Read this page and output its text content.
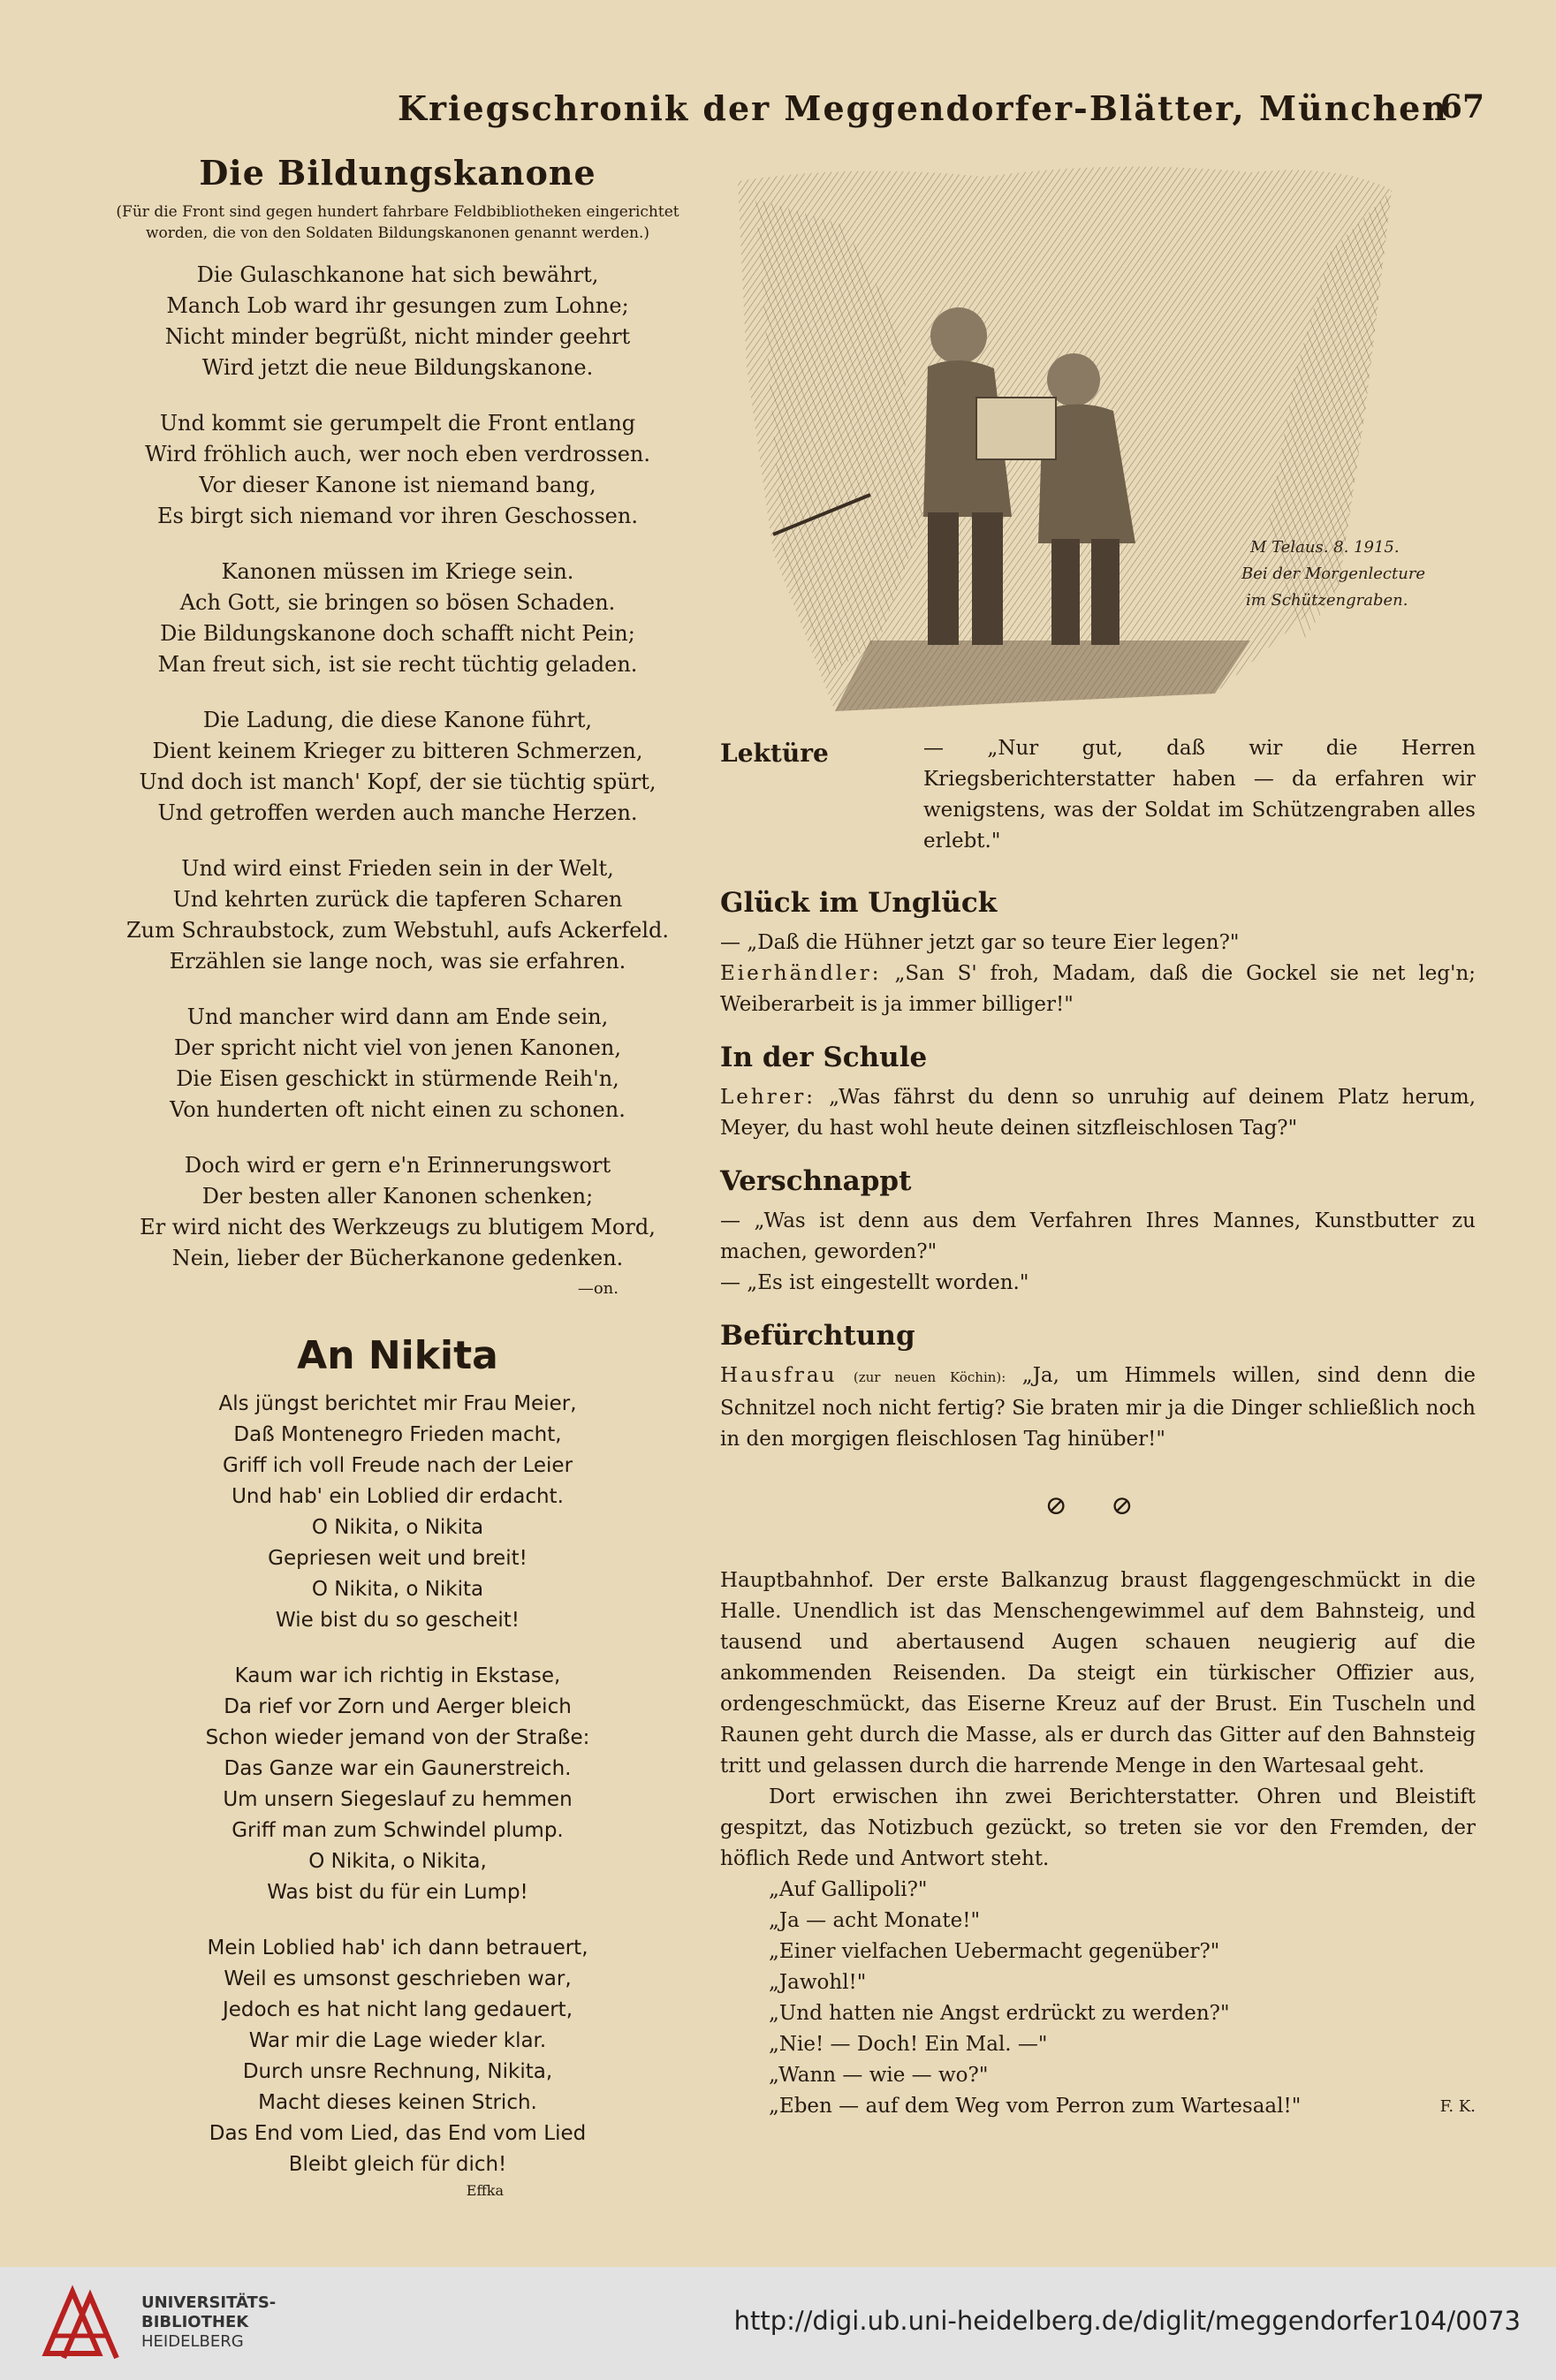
Kriegschronik der Meggendorfer-Blätter, München
67
Die Bildungskanone

(Für die Front sind gegen hundert fahrbare Feldbibliotheken eingerichtet worden, die von den Soldaten Bildungskanonen genannt werden.)

Die Gulaschkanone hat sich bewährt,
Manch Lob ward ihr gesungen zum Lohne;
Nicht minder begrüßt, nicht minder geehrt
Wird jetzt die neue Bildungskanone.
Und kommt sie gerumpelt die Front entlang
Wird fröhlich auch, wer noch eben verdrossen.
Vor dieser Kanone ist niemand bang,
Es birgt sich niemand vor ihren Geschossen.
Kanonen müssen im Kriege sein.
Ach Gott, sie bringen so bösen Schaden.
Die Bildungskanone doch schafft nicht Pein;
Man freut sich, ist sie recht tüchtig geladen.
Die Ladung, die diese Kanone führt,
Dient keinem Krieger zu bitteren Schmerzen,
Und doch ist manch' Kopf, der sie tüchtig spürt,
Und getroffen werden auch manche Herzen.
Und wird einst Frieden sein in der Welt,
Und kehrten zurück die tapferen Scharen
Zum Schraubstock, zum Webstuhl, aufs Ackerfeld.
Erzählen sie lange noch, was sie erfahren.
Und mancher wird dann am Ende sein,
Der spricht nicht viel von jenen Kanonen,
Die Eisen geschickt in stürmende Reih'n,
Von hunderten oft nicht einen zu schonen.
Doch wird er gern e'n Erinnerungswort
Der besten aller Kanonen schenken;
Er wird nicht des Werkzeugs zu blutigem Mord,
Nein, lieber der Bücherkanone gedenken.
—on.
An Nikita
Als jüngst berichtet mir Frau Meier,
Daß Montenegro Frieden macht,
Griff ich voll Freude nach der Leier
Und hab' ein Loblied dir erdacht.
O Nikita, o Nikita
Gepriesen weit und breit!
O Nikita, o Nikita
Wie bist du so gescheit!
Kaum war ich richtig in Ekstase,
Da rief vor Zorn und Aerger bleich
Schon wieder jemand von der Straße:
Das Ganze war ein Gaunerstreich.
Um unsern Siegeslauf zu hemmen
Griff man zum Schwindel plump.
O Nikita, o Nikita,
Was bist du für ein Lump!
Mein Loblied hab' ich dann betrauert,
Weil es umsonst geschrieben war,
Jedoch es hat nicht lang gedauert,
War mir die Lage wieder klar.
Durch unsre Rechnung, Nikita,
Macht dieses keinen Strich.
Das End vom Lied, das End vom Lied
Bleibt gleich für dich!
Effka
M Telaus. 8. 1915.
Bei der Morgenlecture
im Schützengraben.
Lektüre	— „Nur gut, daß wir die Herren Kriegsberichterstatter haben — da erfahren wir wenigstens, was der Soldat im Schützengraben alles erlebt."
Glück im Unglück

— „Daß die Hühner jetzt gar so teure Eier legen?"

Eierhändler: „San S' froh, Madam, daß die Gockel sie net leg'n; Weiberarbeit is ja immer billiger!"

In der Schule

Lehrer: „Was fährst du denn so unruhig auf deinem Platz herum, Meyer, du hast wohl heute deinen sitzfleischlosen Tag?"

Verschnappt

— „Was ist denn aus dem Verfahren Ihres Mannes, Kunstbutter zu machen, geworden?"

— „Es ist eingestellt worden."

Befürchtung

Hausfrau (zur neuen Köchin): „Ja, um Himmels willen, sind denn die Schnitzel noch nicht fertig? Sie braten mir ja die Dinger schließlich noch in den morgigen fleischlosen Tag hinüber!"

⊘ ⊘

Hauptbahnhof. Der erste Balkanzug braust flaggengeschmückt in die Halle. Unendlich ist das Menschengewimmel auf dem Bahnsteig, und tausend und abertausend Augen schauen neugierig auf die ankommenden Reisenden. Da steigt ein türkischer Offizier aus, ordengeschmückt, das Eiserne Kreuz auf der Brust. Ein Tuscheln und Raunen geht durch die Masse, als er durch das Gitter auf den Bahnsteig tritt und gelassen durch die harrende Menge in den Wartesaal geht.

Dort erwischen ihn zwei Berichterstatter. Ohren und Bleistift gespitzt, das Notizbuch gezückt, so treten sie vor den Fremden, der höflich Rede und Antwort steht.

„Auf Gallipoli?"

„Ja — acht Monate!"

„Einer vielfachen Uebermacht gegenüber?"

„Jawohl!"

„Und hatten nie Angst erdrückt zu werden?"

„Nie! — Doch! Ein Mal. —"

„Wann — wie — wo?"

„Eben — auf dem Weg vom Perron zum Wartesaal!"	F. K.

UNIVERSITÄTS-
BIBLIOTHEK
HEIDELBERG
http://digi.ub.uni-heidelberg.de/diglit/meggendorfer104/0073
